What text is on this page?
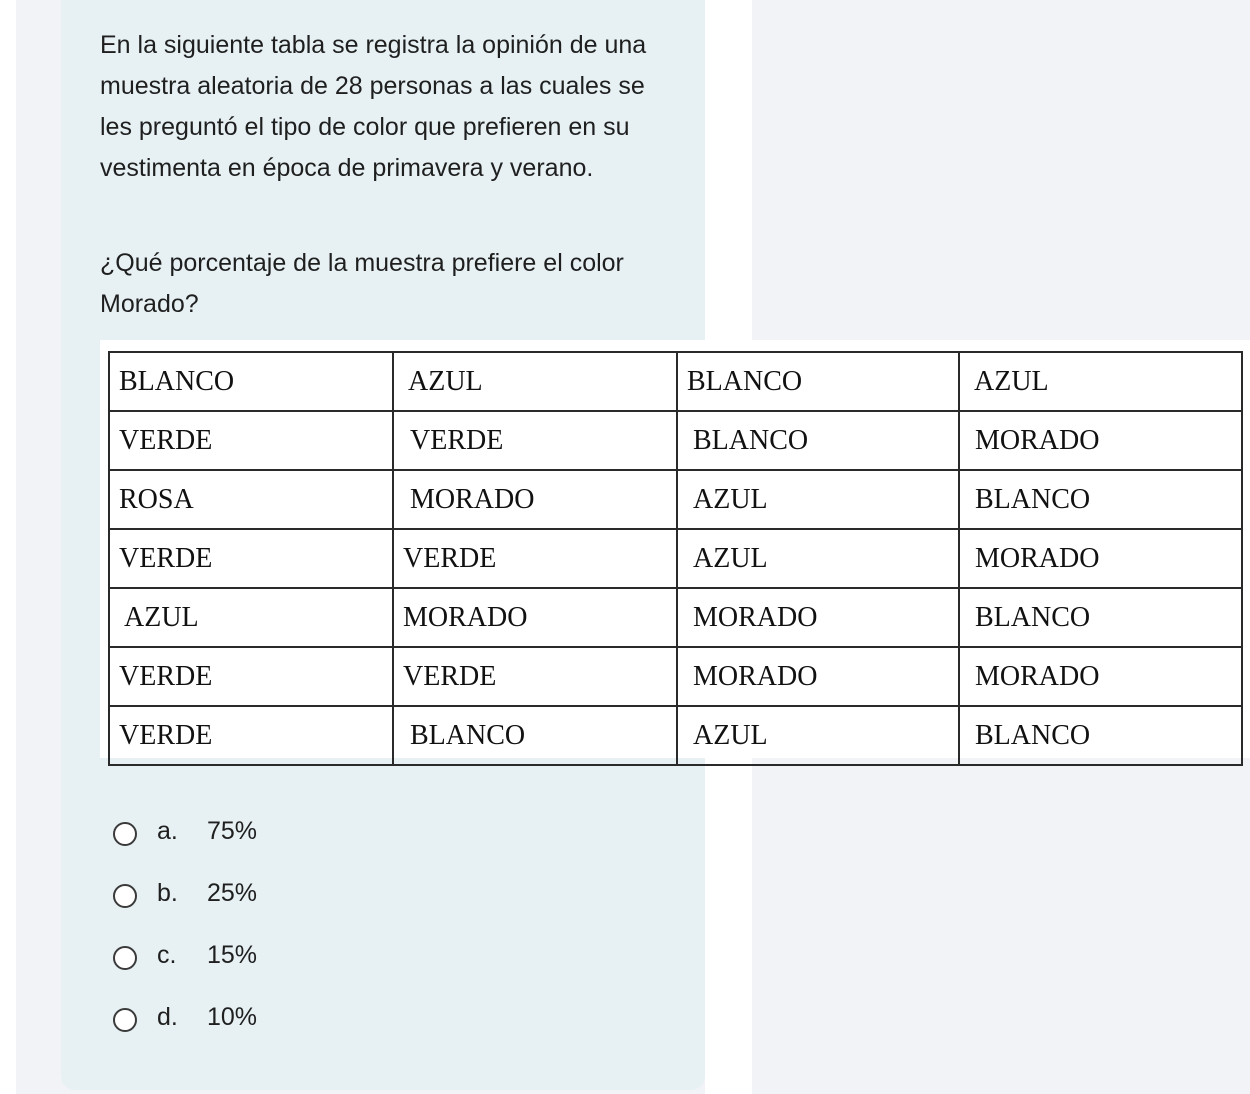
En la siguiente tabla se registra la opinión de una muestra aleatoria de 28 personas a las cuales se les preguntó el tipo de color que prefieren en su vestimenta en época de primavera y verano.

¿Qué porcentaje de la muestra prefiere el color Morado?

BLANCO	AZUL	BLANCO	AZUL
VERDE	VERDE	BLANCO	MORADO
ROSA	MORADO	AZUL	BLANCO
VERDE	VERDE	AZUL	MORADO
AZUL	MORADO	MORADO	BLANCO
VERDE	VERDE	MORADO	MORADO
VERDE	BLANCO	AZUL	BLANCO
a.	75%
b.	25%
c.	15%
d.	10%
